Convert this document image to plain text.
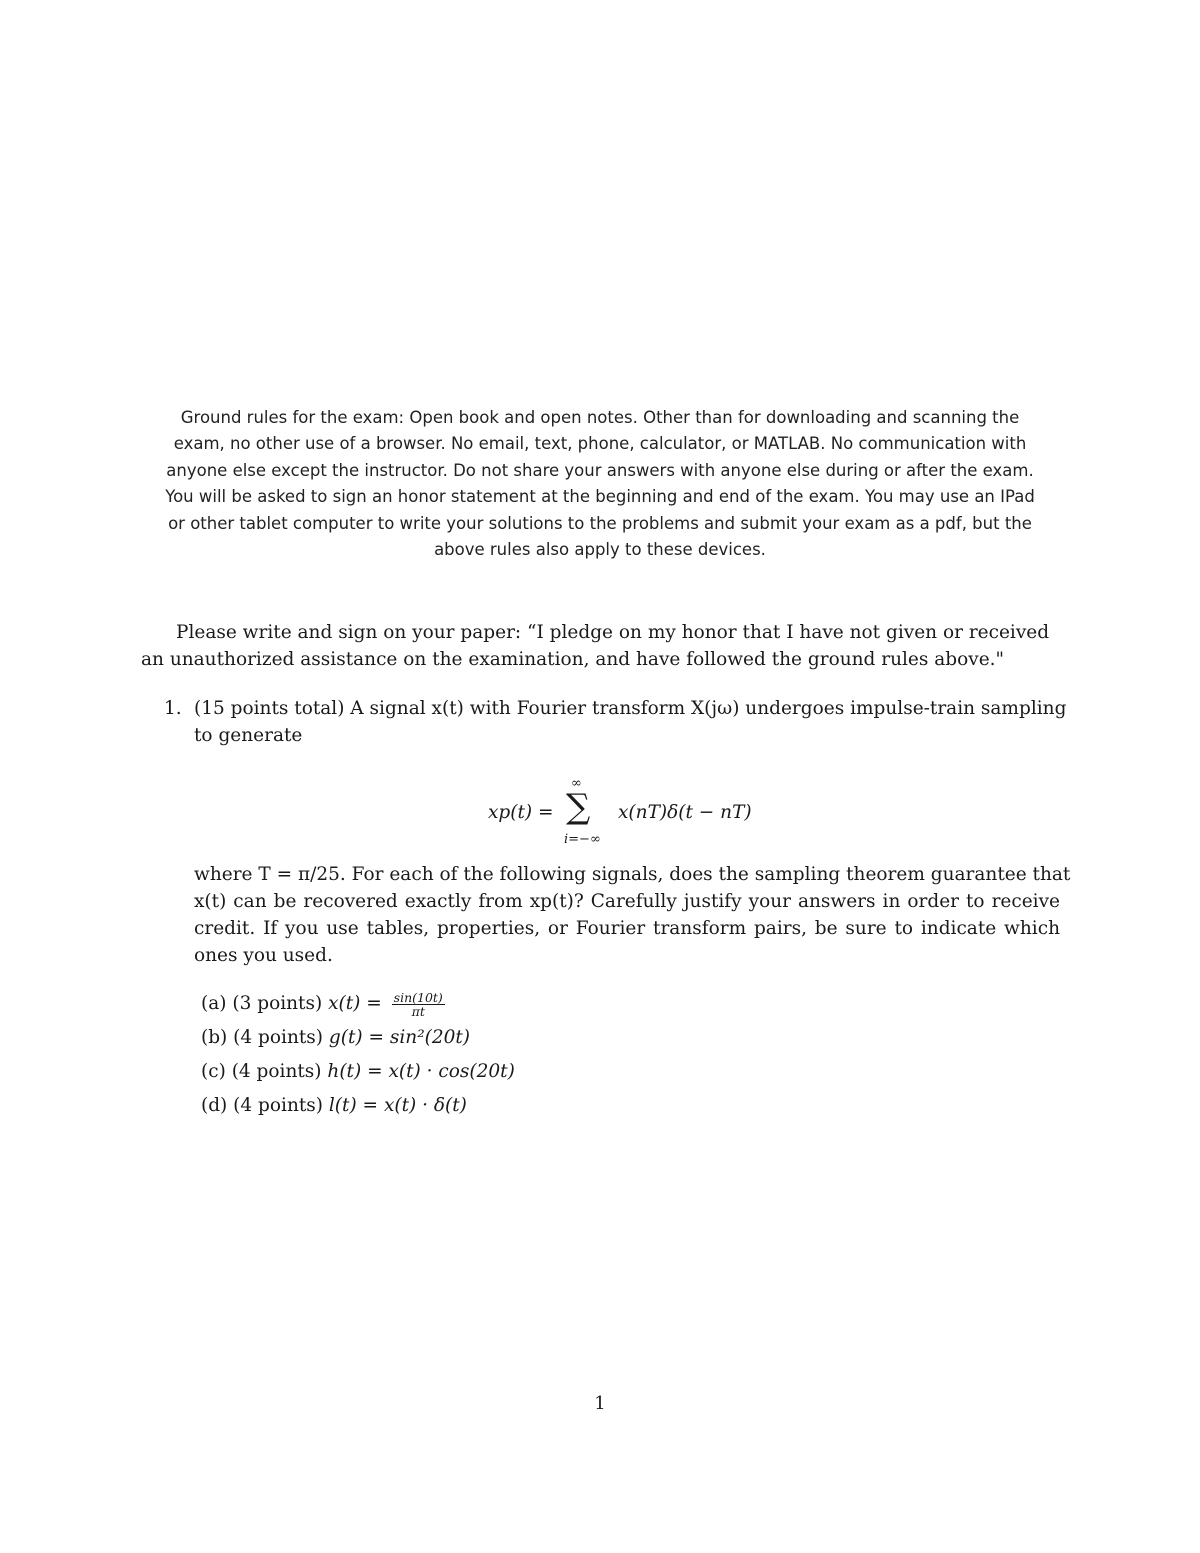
Ground rules for the exam: Open book and open notes. Other than for downloading and scanning the
exam, no other use of a browser. No email, text, phone, calculator, or MATLAB. No communication with
anyone else except the instructor. Do not share your answers with anyone else during or after the exam.
You will be asked to sign an honor statement at the beginning and end of the exam. You may use an IPad
or other tablet computer to write your solutions to the problems and submit your exam as a pdf, but the
above rules also apply to these devices.
Please write and sign on your paper: “I pledge on my honor that I have not given or received
an unauthorized assistance on the examination, and have followed the ground rules above."
1. (15 points total) A signal x(t) with Fourier transform X(jω) undergoes impulse-train sampling
to generate
xp(t) =
∞
∑
i=−∞
x(nT)δ(t − nT)
where T = π/25. For each of the following signals, does the sampling theorem guarantee that
x(t) can be recovered exactly from xp(t)? Carefully justify your answers in order to receive
credit. If you use tables, properties, or Fourier transform pairs, be sure to indicate which
ones you used.
(a) (3 points) $x(t) = \frac{\sin(10t)}{\pi t}$
(b) (4 points) g(t) = sin²(20t)
(c) (4 points) h(t) = x(t) · cos(20t)
(d) (4 points) l(t) = x(t) · δ(t)
1
